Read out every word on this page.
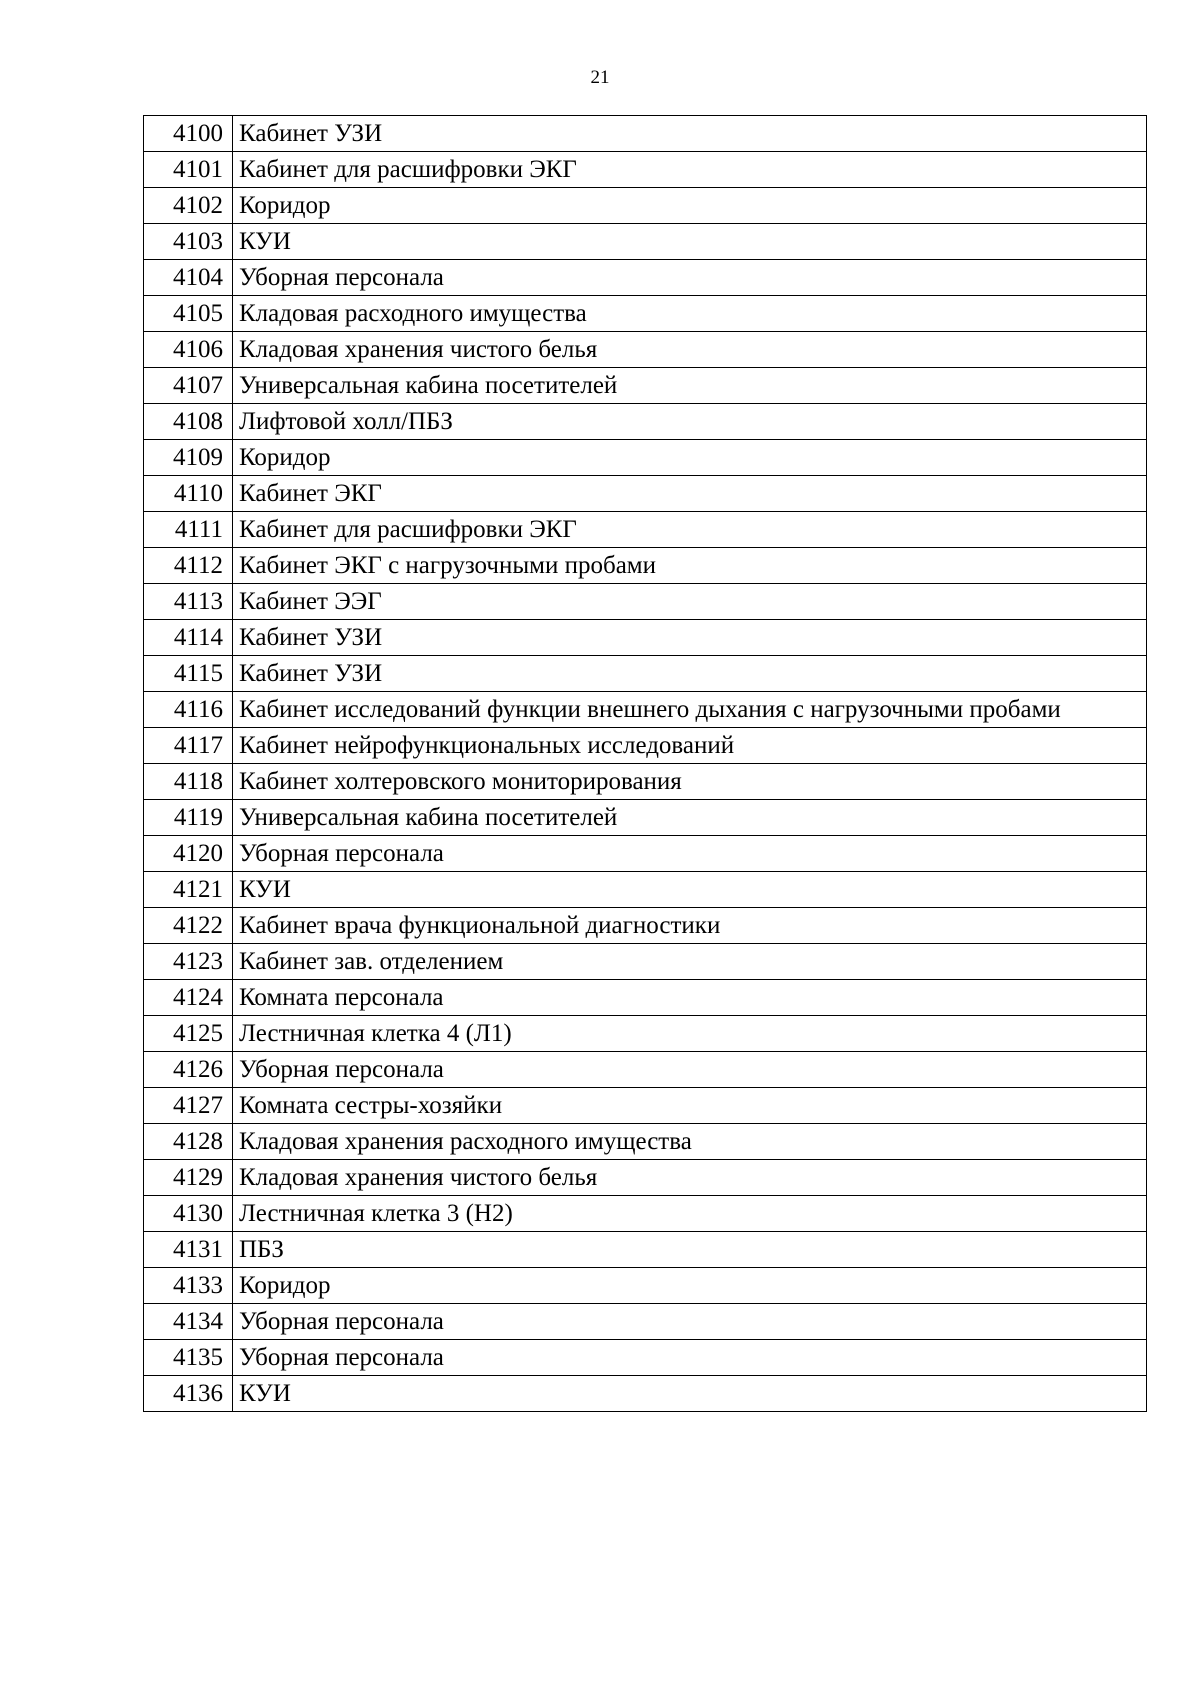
21
4100	Кабинет УЗИ
4101	Кабинет для расшифровки ЭКГ
4102	Коридор
4103	КУИ
4104	Уборная персонала
4105	Кладовая расходного имущества
4106	Кладовая хранения чистого белья
4107	Универсальная кабина посетителей
4108	Лифтовой холл/ПБЗ
4109	Коридор
4110	Кабинет ЭКГ
4111	Кабинет для расшифровки ЭКГ
4112	Кабинет ЭКГ с нагрузочными пробами
4113	Кабинет ЭЭГ
4114	Кабинет УЗИ
4115	Кабинет УЗИ
4116	Кабинет исследований функции внешнего дыхания с нагрузочными пробами
4117	Кабинет нейрофункциональных исследований
4118	Кабинет холтеровского мониторирования
4119	Универсальная кабина посетителей
4120	Уборная персонала
4121	КУИ
4122	Кабинет врача функциональной диагностики
4123	Кабинет зав. отделением
4124	Комната персонала
4125	Лестничная клетка 4 (Л1)
4126	Уборная персонала
4127	Комната сестры-хозяйки
4128	Кладовая хранения расходного имущества
4129	Кладовая хранения чистого белья
4130	Лестничная клетка 3 (Н2)
4131	ПБЗ
4133	Коридор
4134	Уборная персонала
4135	Уборная персонала
4136	КУИ
